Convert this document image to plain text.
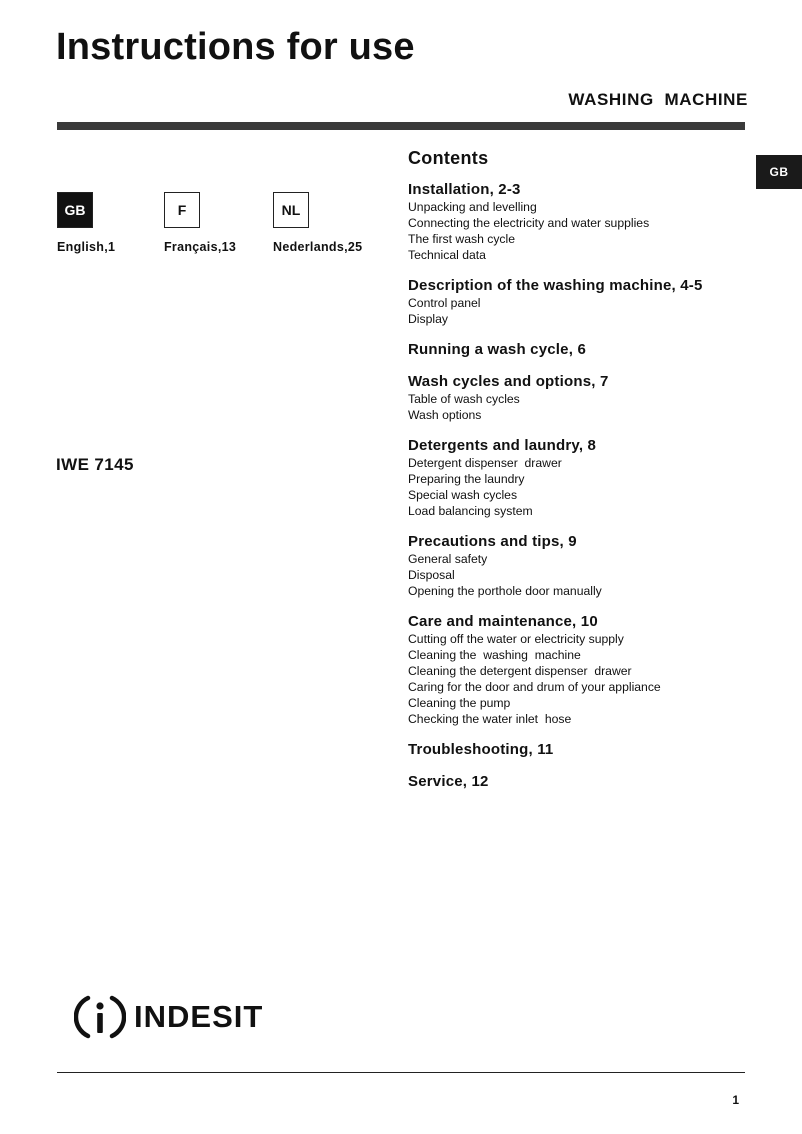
Instructions for use
WASHING  MACHINE
GB
GB
English,1
F
Français,13
NL
Nederlands,25
IWE 7145
Contents
Installation, 2-3
Unpacking and levelling
Connecting the electricity and water supplies
The first wash cycle
Technical data
Description of the washing machine, 4-5
Control panel
Display
Running a wash cycle, 6
Wash cycles and options, 7
Table of wash cycles
Wash options
Detergents and laundry, 8
Detergent dispenser  drawer
Preparing the laundry
Special wash cycles
Load balancing system
Precautions and tips, 9
General safety
Disposal
Opening the porthole door manually
Care and maintenance, 10
Cutting off the water or electricity supply
Cleaning the  washing  machine
Cleaning the detergent dispenser  drawer
Caring for the door and drum of your appliance
Cleaning the pump
Checking the water inlet  hose
Troubleshooting, 11
Service, 12
INDESIT
1
